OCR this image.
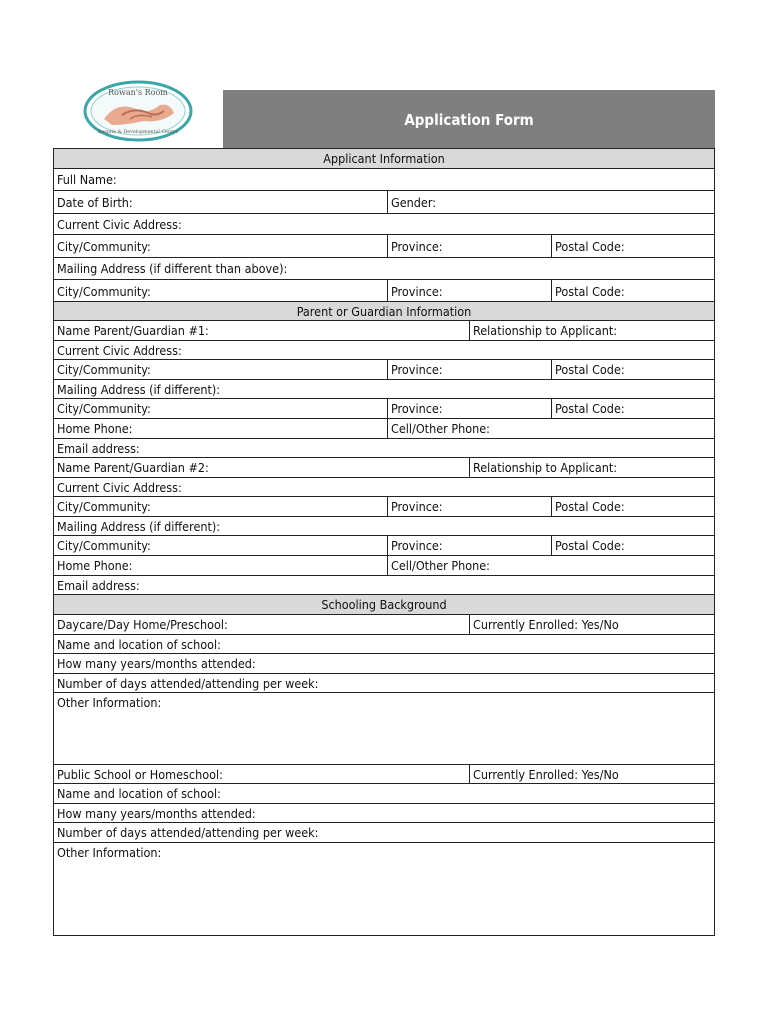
Rowan's Room
Respite & Developmental Centre
Application Form
Applicant Information
Full Name:
Date of Birth:	Gender:
Current Civic Address:
City/Community:	Province:	Postal Code:
Mailing Address (if different than above):
City/Community:	Province:	Postal Code:
Parent or Guardian Information
Name Parent/Guardian #1:	Relationship to Applicant:
Current Civic Address:
City/Community:	Province:	Postal Code:
Mailing Address (if different):
City/Community:	Province:	Postal Code:
Home Phone:	Cell/Other Phone:
Email address:
Name Parent/Guardian #2:	Relationship to Applicant:
Current Civic Address:
City/Community:	Province:	Postal Code:
Mailing Address (if different):
City/Community:	Province:	Postal Code:
Home Phone:	Cell/Other Phone:
Email address:
Schooling Background
Daycare/Day Home/Preschool:	Currently Enrolled: Yes/No
Name and location of school:
How many years/months attended:
Number of days attended/attending per week:
Other Information:
Public School or Homeschool:	Currently Enrolled: Yes/No
Name and location of school:
How many years/months attended:
Number of days attended/attending per week:
Other Information:
